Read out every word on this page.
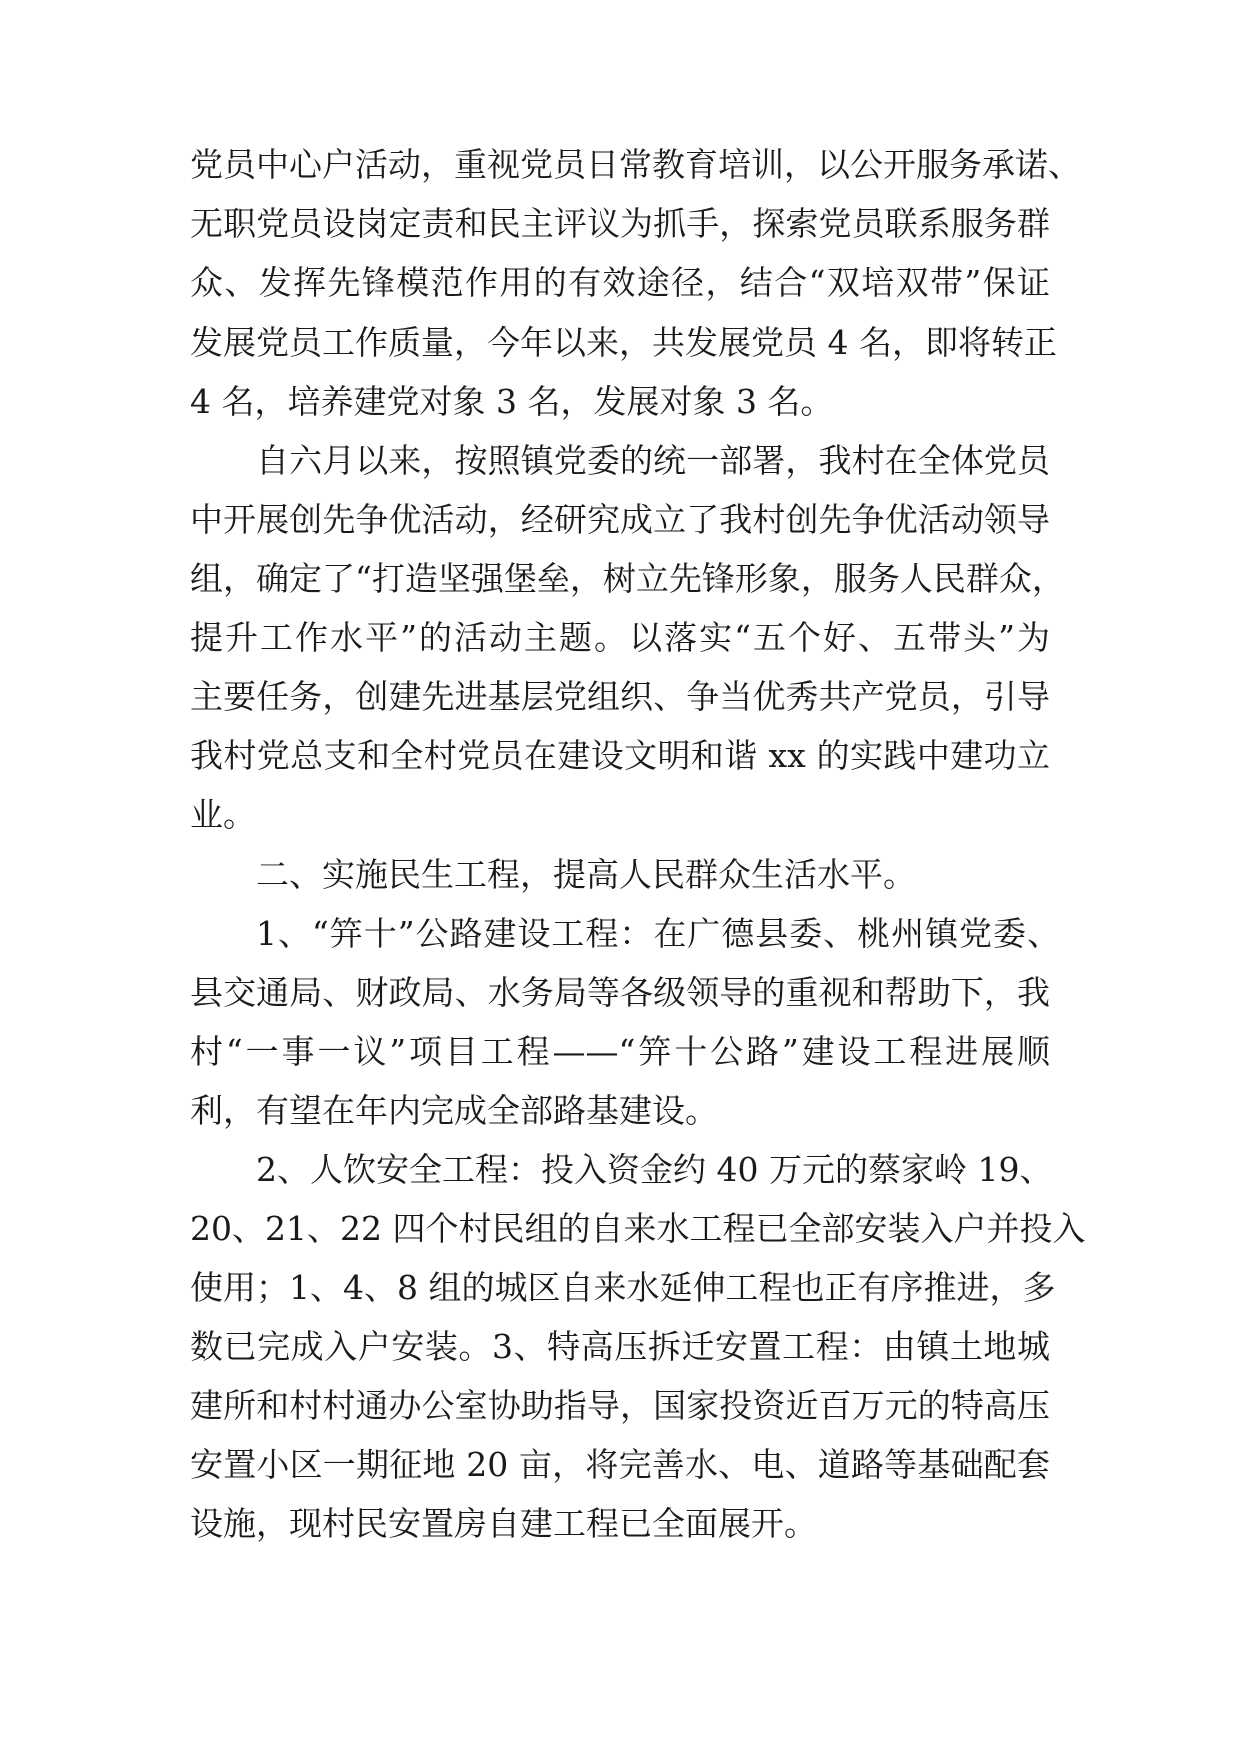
党员中心户活动，重视党员日常教育培训，以公开服务承诺、
无职党员设岗定责和民主评议为抓手，探索党员联系服务群
众、发挥先锋模范作用的有效途径，结合“双培双带”保证
发展党员工作质量，今年以来，共发展党员 4 名，即将转正
4 名，培养建党对象 3 名，发展对象 3 名。
自六月以来，按照镇党委的统一部署，我村在全体党员
中开展创先争优活动，经研究成立了我村创先争优活动领导
组，确定了“打造坚强堡垒，树立先锋形象，服务人民群众，
提升工作水平”的活动主题。以落实“五个好、五带头”为
主要任务，创建先进基层党组织、争当优秀共产党员，引导
我村党总支和全村党员在建设文明和谐 xx 的实践中建功立
业。
二、实施民生工程，提高人民群众生活水平。
1、“笄十”公路建设工程：在广德县委、桃州镇党委、
县交通局、财政局、水务局等各级领导的重视和帮助下，我
村“一事一议”项目工程——“笄十公路”建设工程进展顺
利，有望在年内完成全部路基建设。
2、人饮安全工程：投入资金约 40 万元的蔡家岭 19、
20、21、22 四个村民组的自来水工程已全部安装入户并投入
使用；1、4、8 组的城区自来水延伸工程也正有序推进，多
数已完成入户安装。3、特高压拆迁安置工程：由镇土地城
建所和村村通办公室协助指导，国家投资近百万元的特高压
安置小区一期征地 20 亩，将完善水、电、道路等基础配套
设施，现村民安置房自建工程已全面展开。
